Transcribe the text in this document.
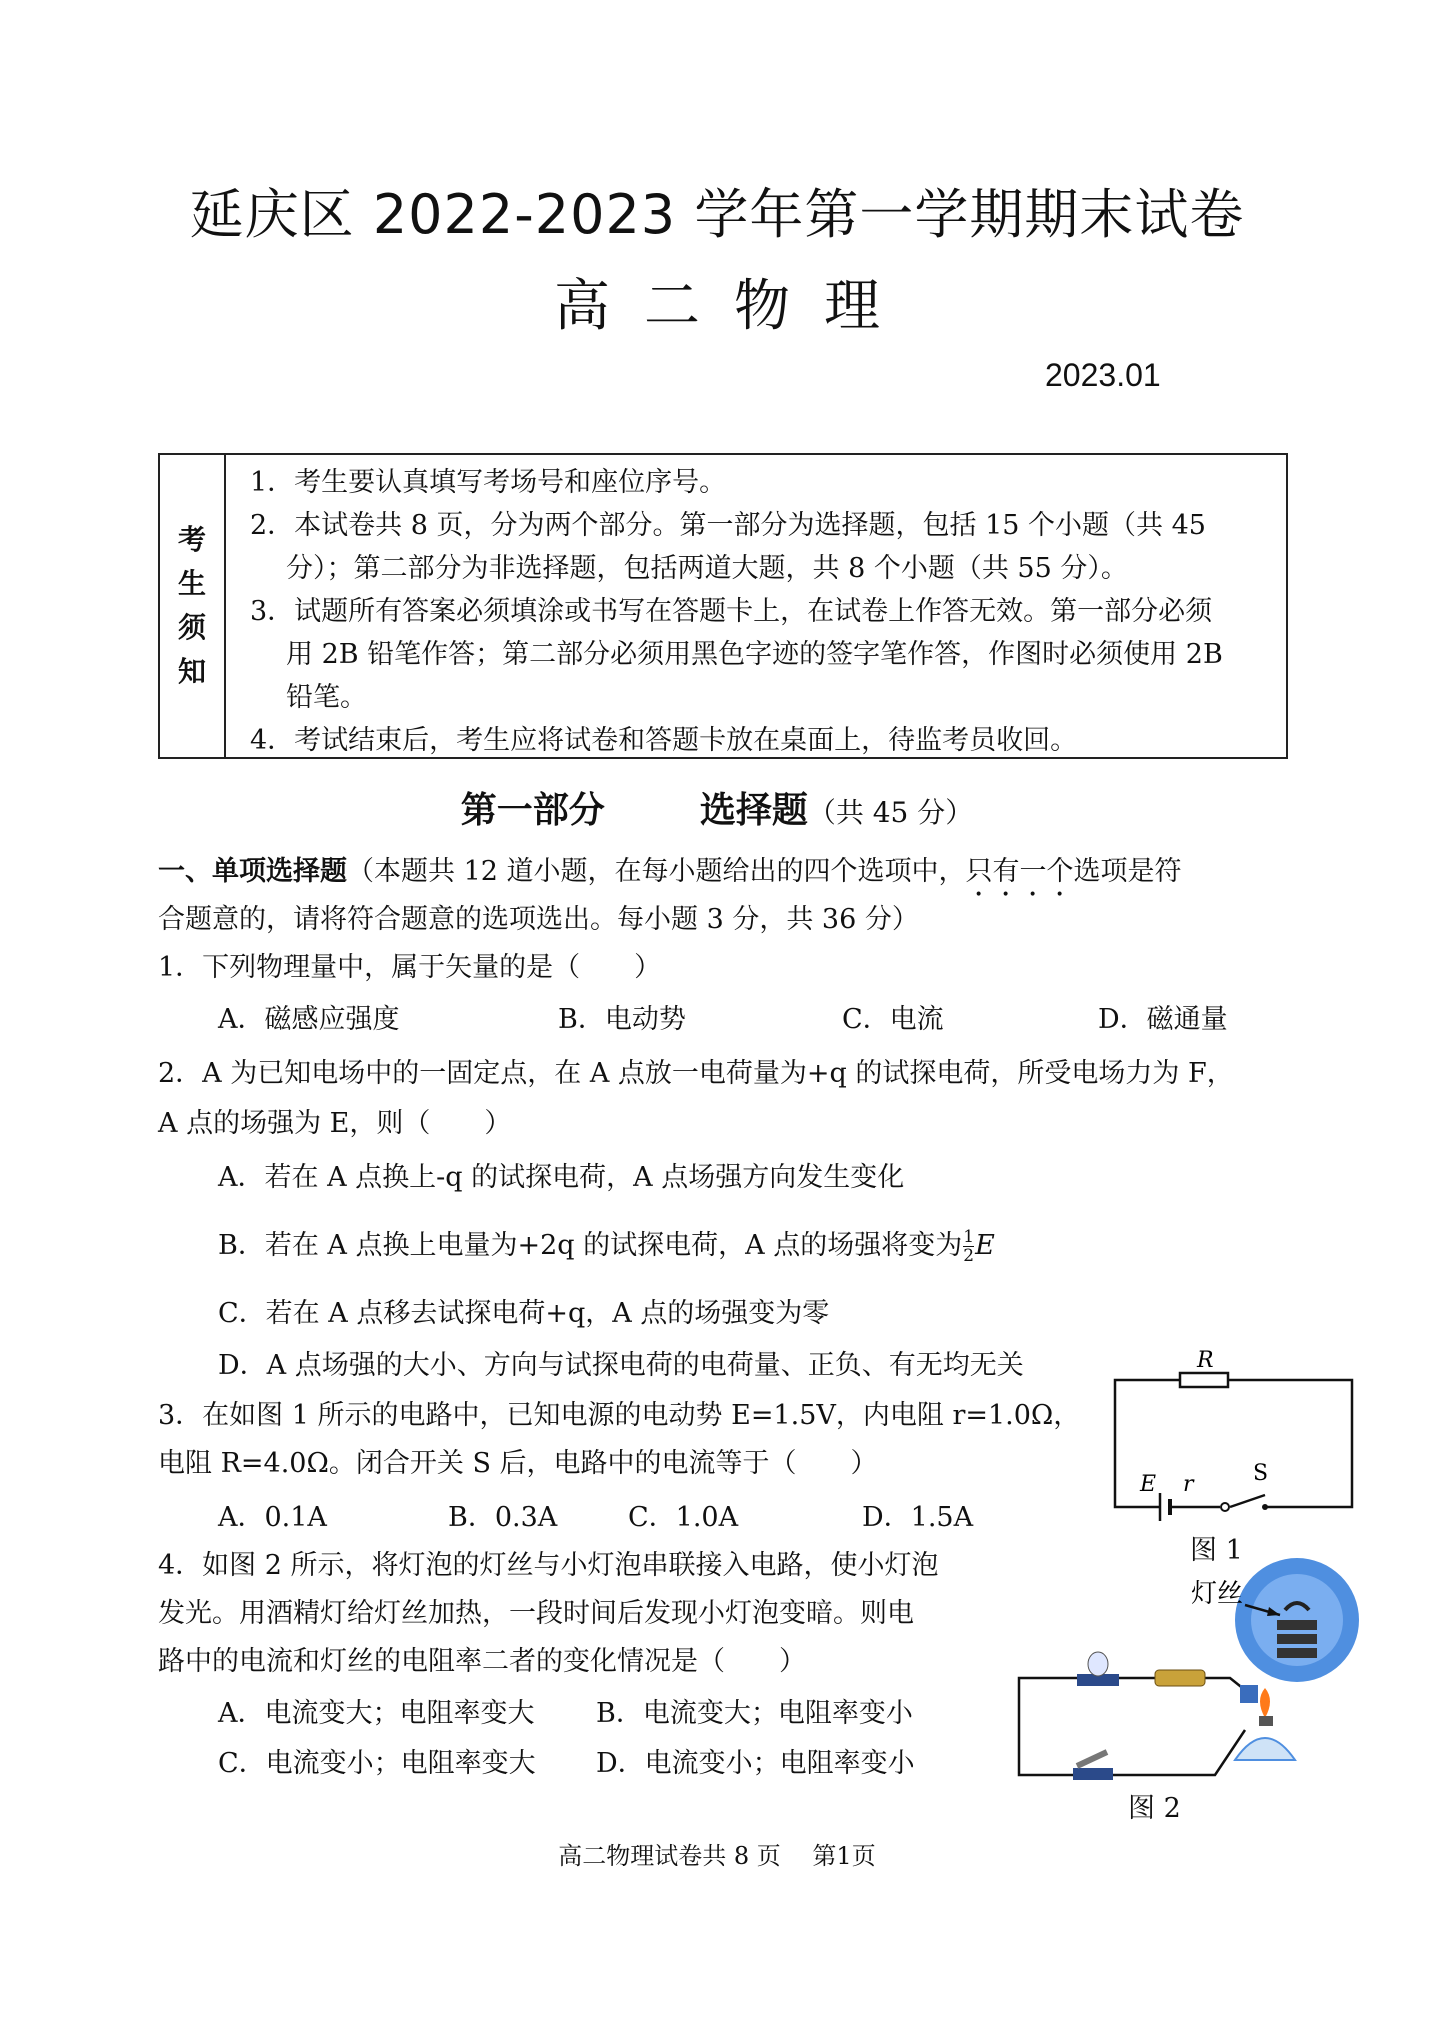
延庆区 2022-2023 学年第一学期期末试卷
高二物理
2023.01
考
生
须
知

1．考生要认真填写考场号和座位序号。

2．本试卷共 8 页，分为两个部分。第一部分为选择题，包括 15 个小题（共 45

分）；第二部分为非选择题，包括两道大题，共 8 个小题（共 55 分）。

3．试题所有答案必须填涂或书写在答题卡上，在试卷上作答无效。第一部分必须

用 2B 铅笔作答；第二部分必须用黑色字迹的签字笔作答，作图时必须使用 2B

铅笔。

4．考试结束后，考生应将试卷和答题卡放在桌面上，待监考员收回。

第一部分	选择题（共 45 分）
一、单项选择题（本题共 12 道小题，在每小题给出的四个选项中，只有一个选项是符
合题意的，请将符合题意的选项选出。每小题 3 分，共 36 分）
1．下列物理量中，属于矢量的是（　　）
A．磁感应强度	B．电动势	C．电流	D．磁通量
2．A 为已知电场中的一固定点，在 A 点放一电荷量为+q 的试探电荷，所受电场力为 F，
A 点的场强为 E，则（　　）
A．若在 A 点换上-q 的试探电荷，A 点场强方向发生变化
B．若在 A 点换上电量为+2q 的试探电荷，A 点的场强将变为 $\frac{1}{2}$ E
C．若在 A 点移去试探电荷+q，A 点的场强变为零
D．A 点场强的大小、方向与试探电荷的电荷量、正负、有无均无关
3．在如图 1 所示的电路中，已知电源的电动势 E=1.5V，内电阻 r=1.0Ω，
电阻 R=4.0Ω。闭合开关 S 后，电路中的电流等于（　　）
A．0.1A	B．0.3A	C．1.0A	D．1.5A
4．如图 2 所示，将灯泡的灯丝与小灯泡串联接入电路，使小灯泡
发光。用酒精灯给灯丝加热，一段时间后发现小灯泡变暗。则电
路中的电流和灯丝的电阻率二者的变化情况是（　　）
A．电流变大；电阻率变大 B．电流变大；电阻率变小
C．电流变小；电阻率变大 D．电流变小；电阻率变小
R
E r	S
图 1
灯丝
图 2
高二物理试卷共 8 页　 第1页
